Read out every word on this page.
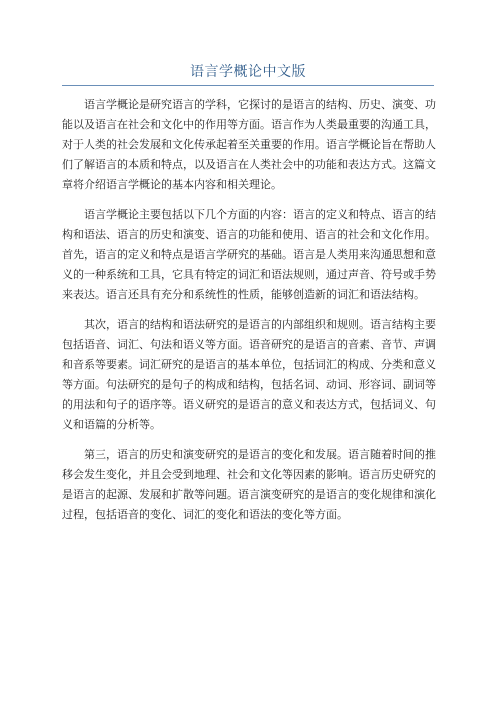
语言学概论中文版

语言学概论是研究语言的学科，它探讨的是语言的结构、历史、演变、功能以及语言在社会和文化中的作用等方面。语言作为人类最重要的沟通工具，对于人类的社会发展和文化传承起着至关重要的作用。语言学概论旨在帮助人们了解语言的本质和特点，以及语言在人类社会中的功能和表达方式。这篇文章将介绍语言学概论的基本内容和相关理论。

语言学概论主要包括以下几个方面的内容：语言的定义和特点、语言的结构和语法、语言的历史和演变、语言的功能和使用、语言的社会和文化作用。首先，语言的定义和特点是语言学研究的基础。语言是人类用来沟通思想和意义的一种系统和工具，它具有特定的词汇和语法规则，通过声音、符号或手势来表达。语言还具有充分和系统性的性质，能够创造新的词汇和语法结构。

其次，语言的结构和语法研究的是语言的内部组织和规则。语言结构主要包括语音、词汇、句法和语义等方面。语音研究的是语言的音素、音节、声调和音系等要素。词汇研究的是语言的基本单位，包括词汇的构成、分类和意义等方面。句法研究的是句子的构成和结构，包括名词、动词、形容词、副词等的用法和句子的语序等。语义研究的是语言的意义和表达方式，包括词义、句义和语篇的分析等。

第三，语言的历史和演变研究的是语言的变化和发展。语言随着时间的推移会发生变化，并且会受到地理、社会和文化等因素的影响。语言历史研究的是语言的起源、发展和扩散等问题。语言演变研究的是语言的变化规律和演化过程，包括语音的变化、词汇的变化和语法的变化等方面。
